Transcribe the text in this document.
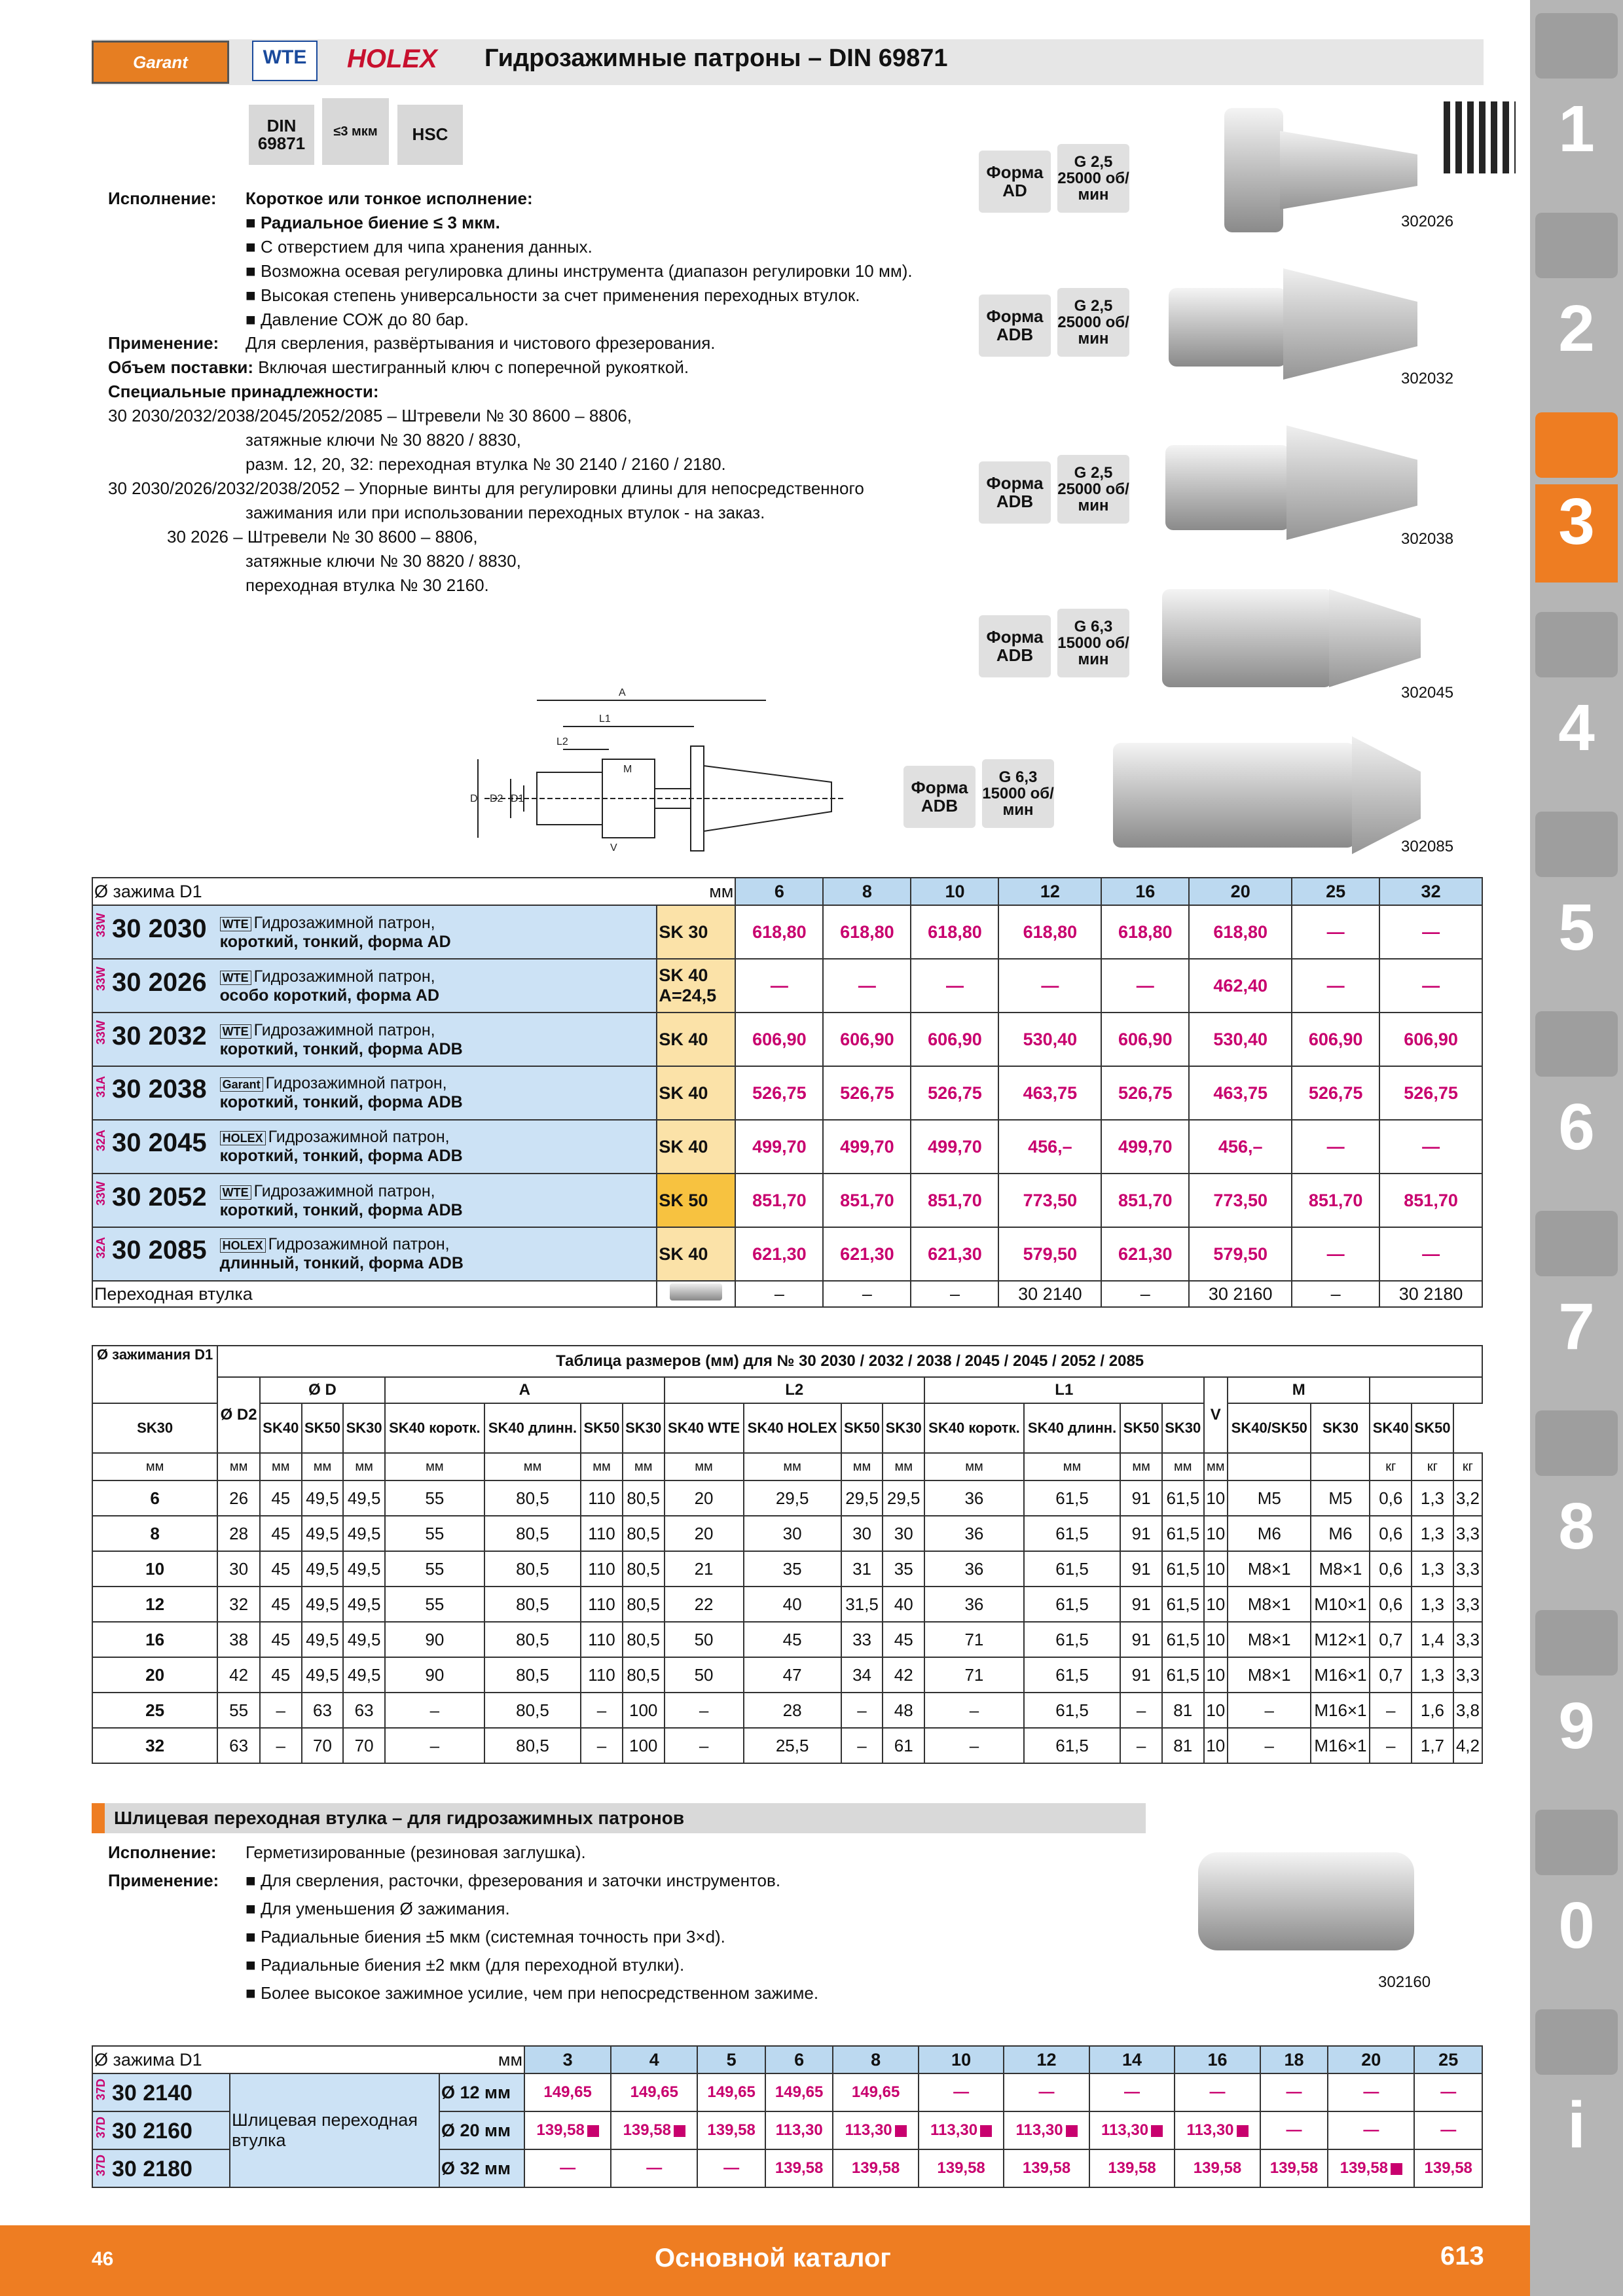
Garant	WTE	HOLEX Гидрозажимные патроны – DIN 69871
DIN 69871
≤3 мкм	HSC
Исполнение: Короткое или тонкое исполнение:
■ Радиальное биение ≤ 3 мкм.
■ С отверстием для чипа хранения данных.
■ Возможна осевая регулировка длины инструмента (диапазон регулировки 10 мм).
■ Высокая степень универсальности за счет применения переходных втулок.
■ Давление СОЖ до 80 бар.
Применение: Для сверления, развёртывания и чистового фрезерования.
Объем поставки: Включая шестигранный ключ с поперечной рукояткой.
Специальные принадлежности:
30 2030/2032/2038/2045/2052/2085 – Штревели № 30 8600 – 8806,
затяжные ключи № 30 8820 / 8830,
разм. 12, 20, 32: переходная втулка № 30 2140 / 2160 / 2180.
30 2030/2026/2032/2038/2052 – Упорные винты для регулировки длины для непосредственного
зажимания или при использовании переходных втулок - на заказ.
30 2026 – Штревели № 30 8600 – 8806,
затяжные ключи № 30 8820 / 8830,
переходная втулка № 30 2160.
Форма AD
G 2,5 25000 об/мин
302026
Форма ADB
G 2,5 25000 об/мин
302032
Форма ADB
G 2,5 25000 об/мин
302038
Форма ADB
G 6,3 15000 об/мин
302045
Форма ADB
G 6,3 15000 об/мин
302085
A
L1
L2
M
D D2 D1
V
Ø зажима D1 мм		6	8	10	12	16	20	25	32
33W 30 2030 WTE Гидрозажимной патрон,
короткий, тонкий, форма AD	SK 30	618,80	618,80	618,80	618,80	618,80	618,80	—	—
33W 30 2026 WTE Гидрозажимной патрон,
особо короткий, форма AD	SK 40 A=24,5	—	—	—	—	—	462,40	—	—
33W 30 2032 WTE Гидрозажимной патрон,
короткий, тонкий, форма ADB	SK 40	606,90	606,90	606,90	530,40	606,90	530,40	606,90	606,90
31A 30 2038 Garant Гидрозажимной патрон,
короткий, тонкий, форма ADB	SK 40	526,75	526,75	526,75	463,75	526,75	463,75	526,75	526,75
32A 30 2045 HOLEX Гидрозажимной патрон,
короткий, тонкий, форма ADB	SK 40	499,70	499,70	499,70	456,–	499,70	456,–	—	—
33W 30 2052 WTE Гидрозажимной патрон,
короткий, тонкий, форма ADB	SK 50	851,70	851,70	851,70	773,50	851,70	773,50	851,70	851,70
32A 30 2085 HOLEX Гидрозажимной патрон,
длинный, тонкий, форма ADB	SK 40	621,30	621,30	621,30	579,50	621,30	579,50	—	—
Переходная втулка		–	–	–	30 2140	–	30 2160	–	30 2180
Ø зажимания D1	Таблица размеров (мм) для № 30 2030 / 2032 / 2038 / 2045 / 2045 / 2052 / 2085																					
	Ø D2	Ø D			A				L2				L1				V	M				
SK30		SK40	SK50	SK30	SK40 коротк.	SK40 длинн.	SK50	SK30	SK40 WTE	SK40 HOLEX	SK50	SK30	SK40 коротк.	SK40 длинн.	SK50	SK30		SK40/SK50	SK30	SK40	SK50	
мм	мм	мм	мм	мм	мм	мм	мм	мм	мм	мм	мм	мм	мм	мм	мм	мм	мм			кг	кг	кг
6	26	45	49,5	49,5	55	80,5	110	80,5	20	29,5	29,5	29,5	36	61,5	91	61,5	10	M5	M5	0,6	1,3	3,2
8	28	45	49,5	49,5	55	80,5	110	80,5	20	30	30	30	36	61,5	91	61,5	10	M6	M6	0,6	1,3	3,3
10	30	45	49,5	49,5	55	80,5	110	80,5	21	35	31	35	36	61,5	91	61,5	10	M8×1	M8×1	0,6	1,3	3,3
12	32	45	49,5	49,5	55	80,5	110	80,5	22	40	31,5	40	36	61,5	91	61,5	10	M8×1	M10×1	0,6	1,3	3,3
16	38	45	49,5	49,5	90	80,5	110	80,5	50	45	33	45	71	61,5	91	61,5	10	M8×1	M12×1	0,7	1,4	3,3
20	42	45	49,5	49,5	90	80,5	110	80,5	50	47	34	42	71	61,5	91	61,5	10	M8×1	M16×1	0,7	1,3	3,3
25	55	–	63	63	–	80,5	–	100	–	28	–	48	–	61,5	–	81	10	–	M16×1	–	1,6	3,8
32	63	–	70	70	–	80,5	–	100	–	25,5	–	61	–	61,5	–	81	10	–	M16×1	–	1,7	4,2
Шлицевая переходная втулка – для гидрозажимных патронов
Исполнение: Герметизированные (резиновая заглушка).
Применение: ■ Для сверления, расточки, фрезерования и заточки инструментов.
■ Для уменьшения Ø зажимания.
■ Радиальные биения ±5 мкм (системная точность при 3×d).
■ Радиальные биения ±2 мкм (для переходной втулки).
■ Более высокое зажимное усилие, чем при непосредственном зажиме.
302160
Ø зажима D1 мм			3	4	5	6	8	10	12	14	16	18	20	25
37D 30 2140	Шлицевая переходная втулка	Ø 12 мм	149,65	149,65	149,65	149,65	149,65	—	—	—	—	—	—	—
37D 30 2160		Ø 20 мм	139,58	139,58	139,58	113,30	113,30	113,30	113,30	113,30	113,30	—	—	—
37D 30 2180		Ø 32 мм	—	—	—	139,58	139,58	139,58	139,58	139,58	139,58	139,58	139,58	139,58
1
2
3
4
5
6
7
8
9
0
i
46	Основной каталог	613
